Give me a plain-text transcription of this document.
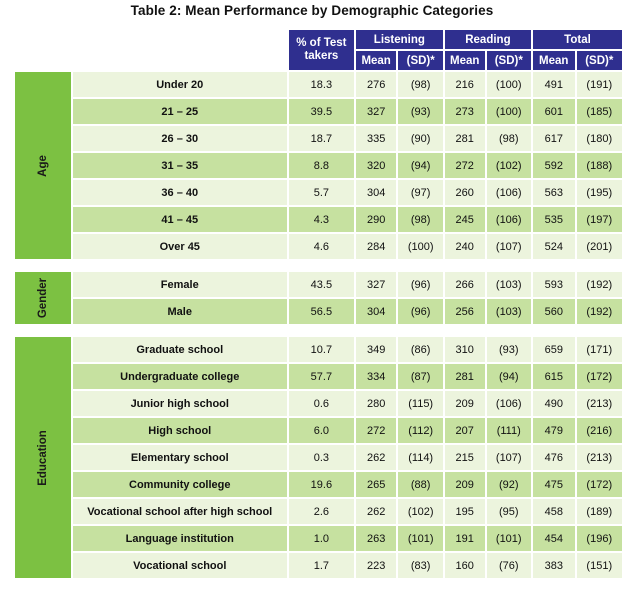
Table 2: Mean Performance by Demographic Categories
		% of Test takers	Listening		Reading		Total	
			Mean	(SD)*	Mean	(SD)*	Mean	(SD)*
Age	Under 20	18.3	276	(98)	216	(100)	491	(191)
	21 – 25	39.5	327	(93)	273	(100)	601	(185)
	26 – 30	18.7	335	(90)	281	(98)	617	(180)
	31 – 35	8.8	320	(94)	272	(102)	592	(188)
	36 – 40	5.7	304	(97)	260	(106)	563	(195)
	41 – 45	4.3	290	(98)	245	(106)	535	(197)
	Over 45	4.6	284	(100)	240	(107)	524	(201)

Gender	Female	43.5	327	(96)	266	(103)	593	(192)
	Male	56.5	304	(96)	256	(103)	560	(192)

Education	Graduate school	10.7	349	(86)	310	(93)	659	(171)
	Undergraduate college	57.7	334	(87)	281	(94)	615	(172)
	Junior high school	0.6	280	(115)	209	(106)	490	(213)
	High school	6.0	272	(112)	207	(111)	479	(216)
	Elementary school	0.3	262	(114)	215	(107)	476	(213)
	Community college	19.6	265	(88)	209	(92)	475	(172)
	Vocational school after high school	2.6	262	(102)	195	(95)	458	(189)
	Language institution	1.0	263	(101)	191	(101)	454	(196)
	Vocational school	1.7	223	(83)	160	(76)	383	(151)
